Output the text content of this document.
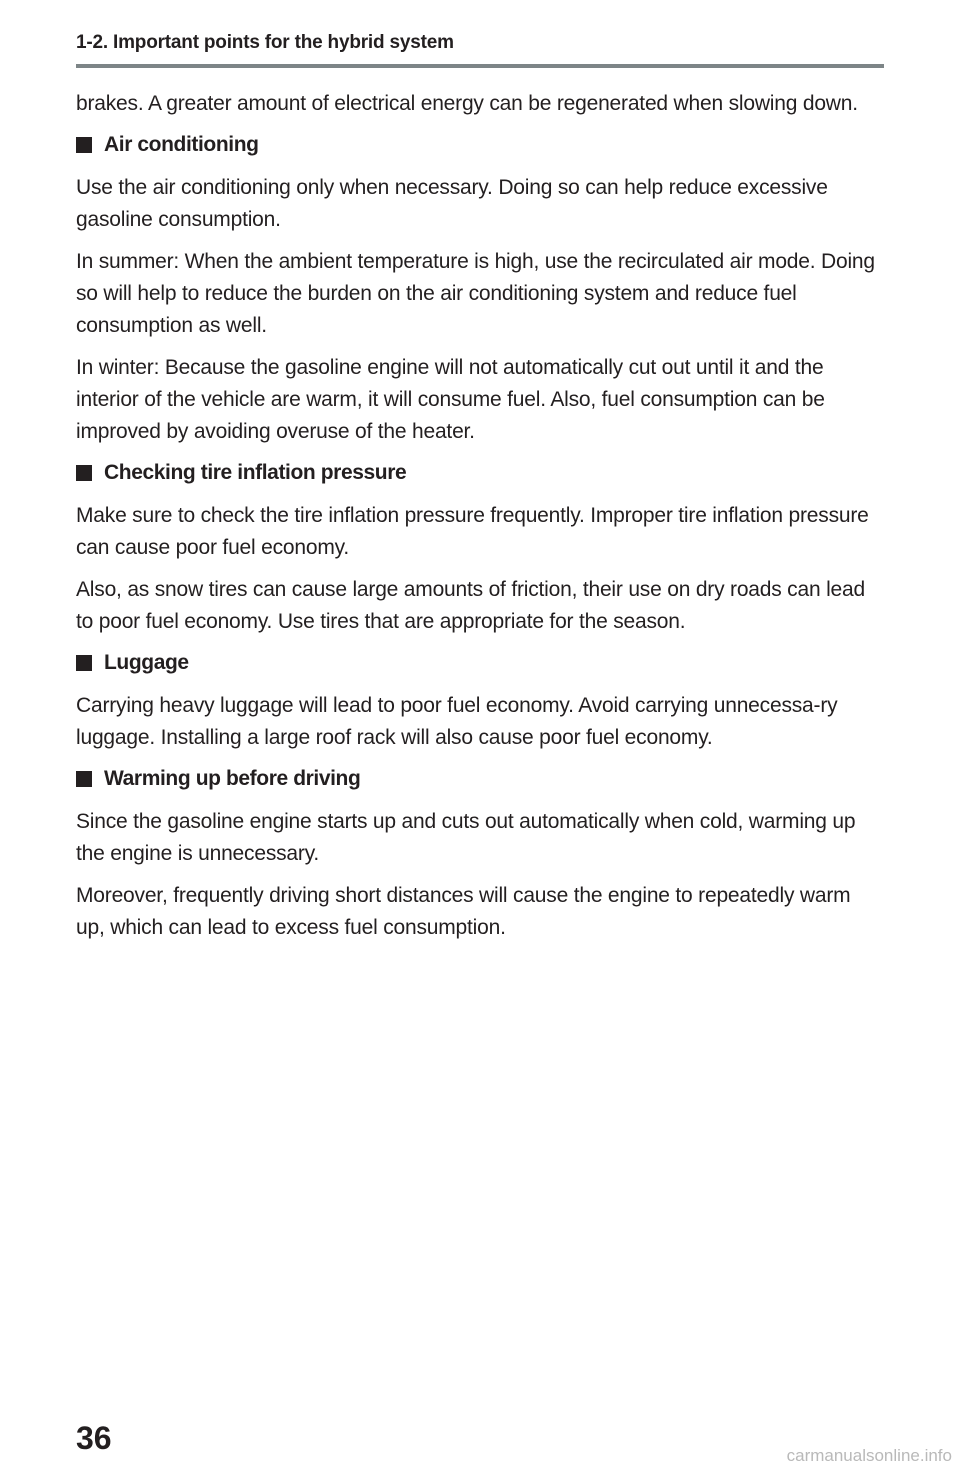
1-2. Important points for the hybrid system

brakes. A greater amount of electrical energy can be regenerated when slowing down.

Air conditioning

Use the air conditioning only when necessary. Doing so can help reduce excessive gasoline consumption.

In summer: When the ambient temperature is high, use the recirculated air mode. Doing so will help to reduce the burden on the air conditioning system and reduce fuel consumption as well.

In winter: Because the gasoline engine will not automatically cut out until it and the interior of the vehicle are warm, it will consume fuel. Also, fuel consumption can be improved by avoiding overuse of the heater.

Checking tire inflation pressure

Make sure to check the tire inflation pressure frequently. Improper tire inflation pressure can cause poor fuel economy.

Also, as snow tires can cause large amounts of friction, their use on dry roads can lead to poor fuel economy. Use tires that are appropriate for the season.

Luggage

Carrying heavy luggage will lead to poor fuel economy. Avoid carrying unnecessa-ry luggage. Installing a large roof rack will also cause poor fuel economy.

Warming up before driving

Since the gasoline engine starts up and cuts out automatically when cold, warming up the engine is unnecessary.

Moreover, frequently driving short distances will cause the engine to repeatedly warm up, which can lead to excess fuel consumption.

36	carmanualsonline.info
